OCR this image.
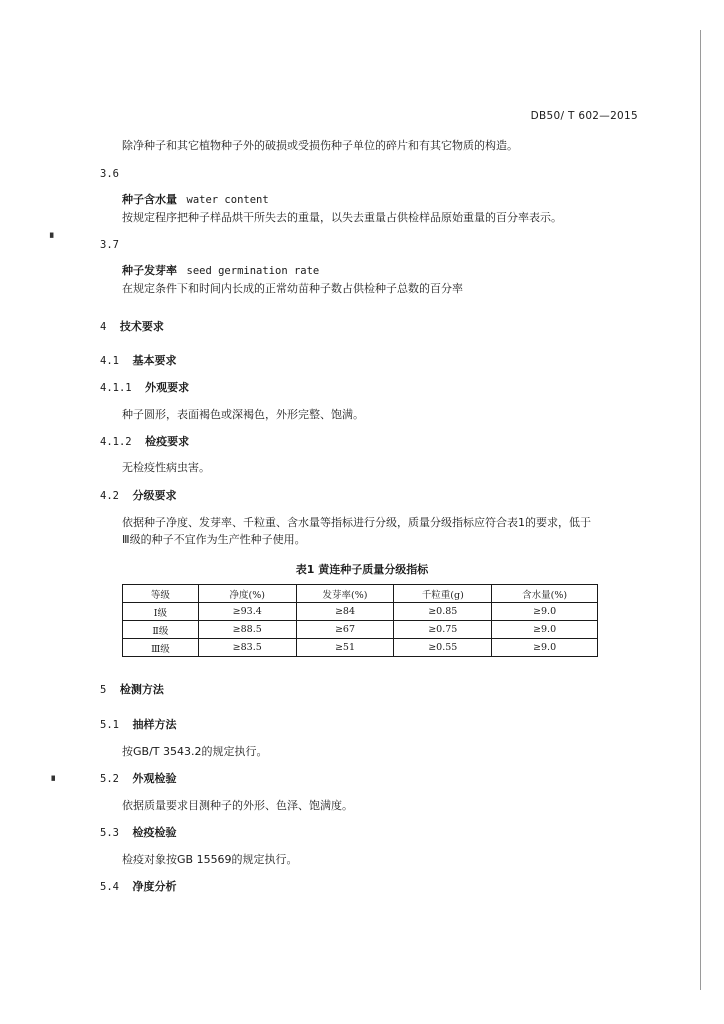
DB50/ T 602—2015
除净种子和其它植物种子外的破损或受损伤种子单位的碎片和有其它物质的构造。
3.6
种子含水量 water content
按规定程序把种子样品烘干所失去的重量，以失去重量占供检样品原始重量的百分率表示。
▘	3.7
种子发芽率 seed germination rate
在规定条件下和时间内长成的正常幼苗种子数占供检种子总数的百分率
4 技术要求
4.1 基本要求
4.1.1 外观要求
种子圆形，表面褐色或深褐色，外形完整、饱满。
4.1.2 检疫要求
无检疫性病虫害。
4.2 分级要求
依据种子净度、发芽率、千粒重、含水量等指标进行分级，质量分级指标应符合表1的要求，低于
Ⅲ级的种子不宜作为生产性种子使用。
表1 黄连种子质量分级指标
等级	净度(%)	发芽率(%)	千粒重(g)	含水量(%)
Ⅰ级	≥93.4	≥84	≥0.85	≥9.0
Ⅱ级	≥88.5	≥67	≥0.75	≥9.0
Ⅲ级	≥83.5	≥51	≥0.55	≥9.0
5 检测方法
5.1 抽样方法
按GB/T 3543.2的规定执行。
▝	5.2 外观检验
依据质量要求目测种子的外形、色泽、饱满度。
5.3 检疫检验
检疫对象按GB 15569的规定执行。
5.4 净度分析
